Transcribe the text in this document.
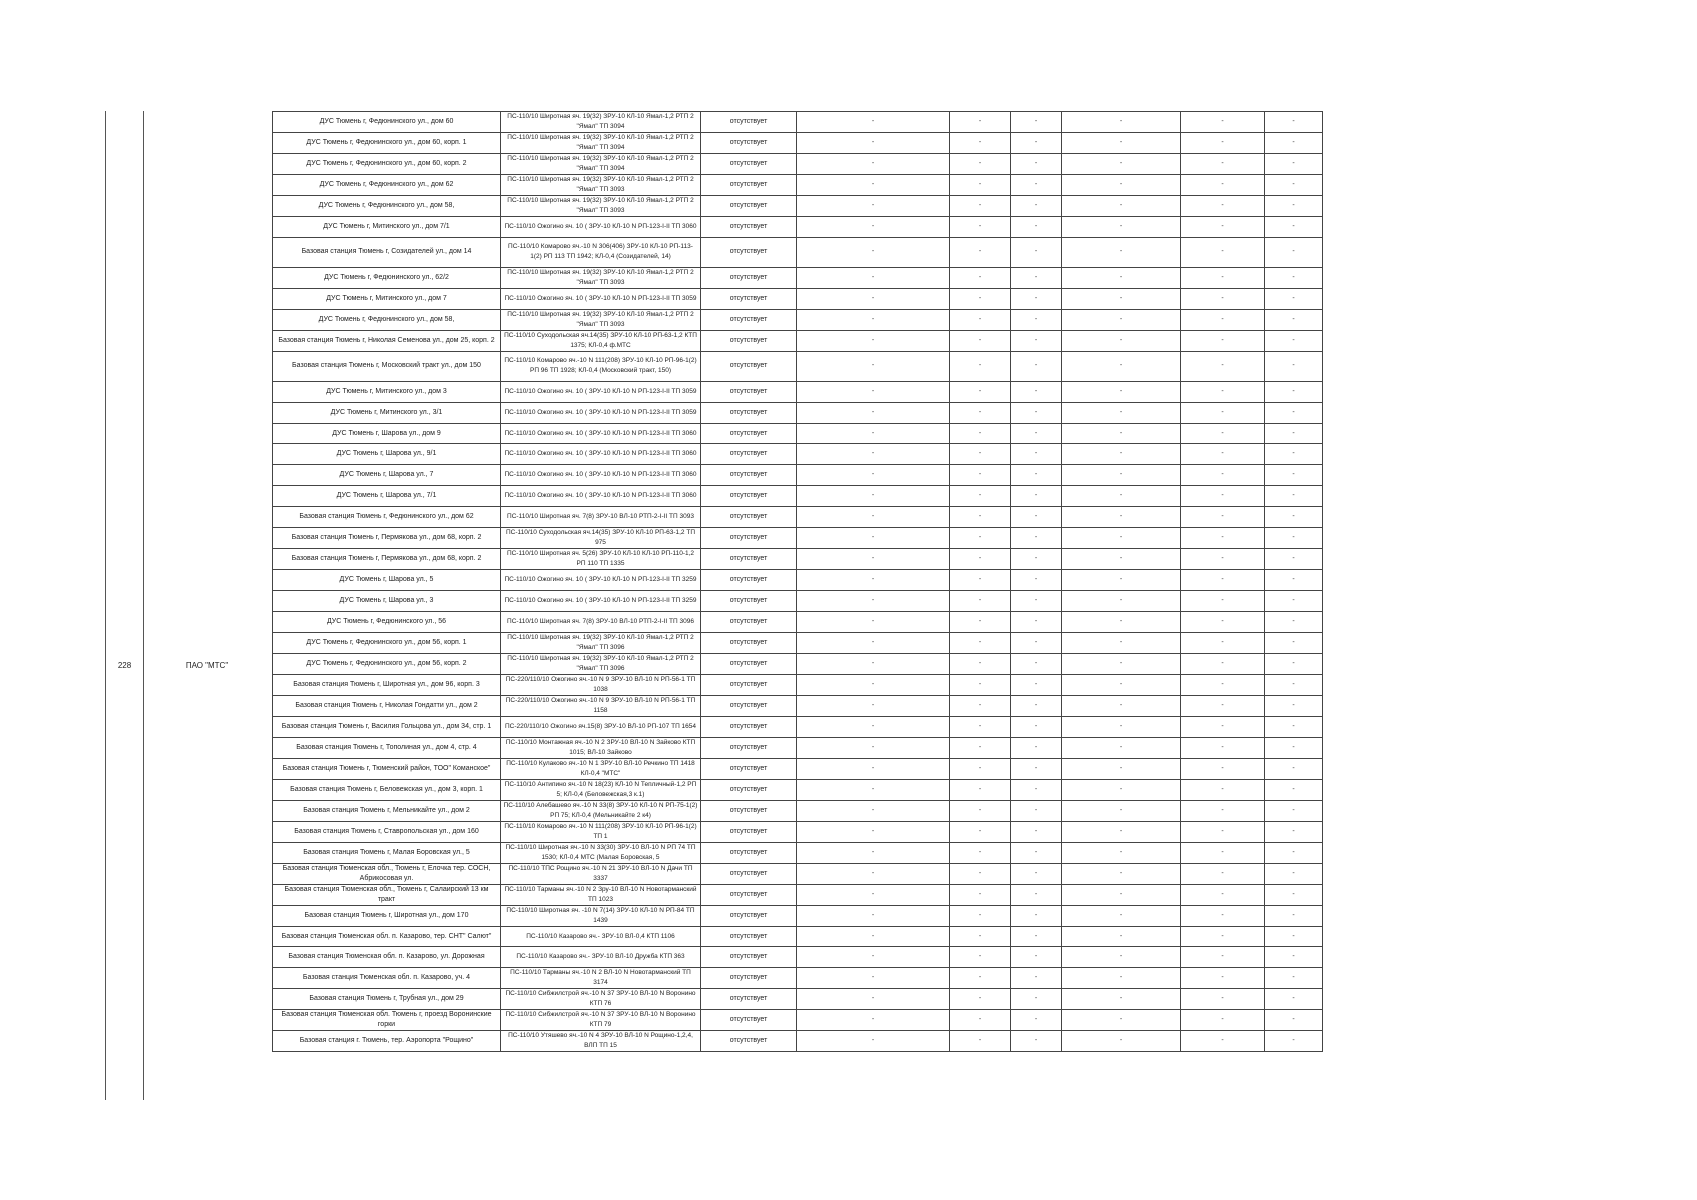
228	ПАО "МТС"
ДУС Тюмень г, Федюнинского ул., дом 60	ПС-110/10 Широтная яч. 19(32) ЗРУ-10 КЛ-10 Ямал-1,2 РТП 2 "Ямал" ТП 3094	отсутствует	-	-	-	-	-	-
ДУС Тюмень г, Федюнинского ул., дом 60, корп. 1	ПС-110/10 Широтная яч. 19(32) ЗРУ-10 КЛ-10 Ямал-1,2 РТП 2 "Ямал" ТП 3094	отсутствует	-	-	-	-	-	-
ДУС Тюмень г, Федюнинского ул., дом 60, корп. 2	ПС-110/10 Широтная яч. 19(32) ЗРУ-10 КЛ-10 Ямал-1,2 РТП 2 "Ямал" ТП 3094	отсутствует	-	-	-	-	-	-
ДУС Тюмень г, Федюнинского ул., дом 62	ПС-110/10 Широтная яч. 19(32) ЗРУ-10 КЛ-10 Ямал-1,2 РТП 2 "Ямал" ТП 3093	отсутствует	-	-	-	-	-	-
ДУС Тюмень г, Федюнинского ул., дом 58,	ПС-110/10 Широтная яч. 19(32) ЗРУ-10 КЛ-10 Ямал-1,2 РТП 2 "Ямал" ТП 3093	отсутствует	-	-	-	-	-	-
ДУС Тюмень г, Митинского ул., дом 7/1	ПС-110/10 Ожогино яч. 10 ( ЗРУ-10 КЛ-10 N РП-123-I-II ТП 3060	отсутствует	-	-	-	-	-	-
Базовая станция Тюмень г, Созидателей ул., дом 14	ПС-110/10 Комарово яч.-10 N 306(406) ЗРУ-10 КЛ-10 РП-113-1(2) РП 113 ТП 1942; КЛ-0,4 (Созидателей, 14)	отсутствует	-	-	-	-	-	-
ДУС Тюмень г, Федюнинского ул., 62/2	ПС-110/10 Широтная яч. 19(32) ЗРУ-10 КЛ-10 Ямал-1,2 РТП 2 "Ямал" ТП 3093	отсутствует	-	-	-	-	-	-
ДУС Тюмень г, Митинского ул., дом 7	ПС-110/10 Ожогино яч. 10 ( ЗРУ-10 КЛ-10 N РП-123-I-II ТП 3059	отсутствует	-	-	-	-	-	-
ДУС Тюмень г, Федюнинского ул., дом 58,	ПС-110/10 Широтная яч. 19(32) ЗРУ-10 КЛ-10 Ямал-1,2 РТП 2 "Ямал" ТП 3093	отсутствует	-	-	-	-	-	-
Базовая станция Тюмень г, Николая Семенова ул., дом 25, корп. 2	ПС-110/10 Суходольская яч.14(35) ЗРУ-10 КЛ-10 РП-63-1,2 КТП 1375; КЛ-0,4 ф.МТС	отсутствует	-	-	-	-	-	-
Базовая станция Тюмень г, Московский тракт ул., дом 150	ПС-110/10 Комарово яч.-10 N 111(208) ЗРУ-10 КЛ-10 РП-96-1(2) РП 96 ТП 1928; КЛ-0,4 (Московский тракт, 150)	отсутствует	-	-	-	-	-	-
ДУС Тюмень г, Митинского ул., дом 3	ПС-110/10 Ожогино яч. 10 ( ЗРУ-10 КЛ-10 N РП-123-I-II ТП 3059	отсутствует	-	-	-	-	-	-
ДУС Тюмень г, Митинского ул., 3/1	ПС-110/10 Ожогино яч. 10 ( ЗРУ-10 КЛ-10 N РП-123-I-II ТП 3059	отсутствует	-	-	-	-	-	-
ДУС Тюмень г, Шарова ул., дом 9	ПС-110/10 Ожогино яч. 10 ( ЗРУ-10 КЛ-10 N РП-123-I-II ТП 3060	отсутствует	-	-	-	-	-	-
ДУС Тюмень г, Шарова ул., 9/1	ПС-110/10 Ожогино яч. 10 ( ЗРУ-10 КЛ-10 N РП-123-I-II ТП 3060	отсутствует	-	-	-	-	-	-
ДУС Тюмень г, Шарова ул., 7	ПС-110/10 Ожогино яч. 10 ( ЗРУ-10 КЛ-10 N РП-123-I-II ТП 3060	отсутствует	-	-	-	-	-	-
ДУС Тюмень г, Шарова ул., 7/1	ПС-110/10 Ожогино яч. 10 ( ЗРУ-10 КЛ-10 N РП-123-I-II ТП 3060	отсутствует	-	-	-	-	-	-
Базовая станция Тюмень г, Федюнинского ул., дом 62	ПС-110/10 Широтная яч. 7(8) ЗРУ-10 ВЛ-10 РТП-2-I-II ТП 3093	отсутствует	-	-	-	-	-	-
Базовая станция Тюмень г, Пермякова ул., дом 68, корп. 2	ПС-110/10 Суходольская яч.14(35) ЗРУ-10 КЛ-10 РП-63-1,2 ТП 975	отсутствует	-	-	-	-	-	-
Базовая станция Тюмень г, Пермякова ул., дом 68, корп. 2	ПС-110/10 Широтная яч. 5(26) ЗРУ-10 КЛ-10 КЛ-10 РП-110-1,2 РП 110 ТП 1335	отсутствует	-	-	-	-	-	-
ДУС Тюмень г, Шарова ул., 5	ПС-110/10 Ожогино яч. 10 ( ЗРУ-10 КЛ-10 N РП-123-I-II ТП 3259	отсутствует	-	-	-	-	-	-
ДУС Тюмень г, Шарова ул., 3	ПС-110/10 Ожогино яч. 10 ( ЗРУ-10 КЛ-10 N РП-123-I-II ТП 3259	отсутствует	-	-	-	-	-	-
ДУС Тюмень г, Федюнинского ул., 56	ПС-110/10 Широтная яч. 7(8) ЗРУ-10 ВЛ-10 РТП-2-I-II ТП 3096	отсутствует	-	-	-	-	-	-
ДУС Тюмень г, Федюнинского ул., дом 56, корп. 1	ПС-110/10 Широтная яч. 19(32) ЗРУ-10 КЛ-10 Ямал-1,2 РТП 2 "Ямал" ТП 3096	отсутствует	-	-	-	-	-	-
ДУС Тюмень г, Федюнинского ул., дом 56, корп. 2	ПС-110/10 Широтная яч. 19(32) ЗРУ-10 КЛ-10 Ямал-1,2 РТП 2 "Ямал" ТП 3096	отсутствует	-	-	-	-	-	-
Базовая станция Тюмень г, Широтная ул., дом 96, корп. 3	ПС-220/110/10 Ожогино яч.-10 N 9 ЗРУ-10 ВЛ-10 N РП-56-1 ТП 1038	отсутствует	-	-	-	-	-	-
Базовая станция Тюмень г, Николая Гондатти ул., дом 2	ПС-220/110/10 Ожогино яч.-10 N 9 ЗРУ-10 ВЛ-10 N РП-56-1 ТП 1158	отсутствует	-	-	-	-	-	-
Базовая станция Тюмень г, Василия Гольцова ул., дом 34, стр. 1	ПС-220/110/10 Ожогино яч.15(8) ЗРУ-10 ВЛ-10 РП-107 ТП 1654	отсутствует	-	-	-	-	-	-
Базовая станция Тюмень г, Тополиная ул., дом 4, стр. 4	ПС-110/10 Монтажная яч.-10 N 2 ЗРУ-10 ВЛ-10 N Зайково КТП 1015; ВЛ-10 Зайково	отсутствует	-	-	-	-	-	-
Базовая станция Тюмень г, Тюменский район, ТОО" Команское"	ПС-110/10 Кулаково яч.-10 N 1 ЗРУ-10 ВЛ-10 Речкино ТП 1418 КЛ-0,4 "МТС"	отсутствует	-	-	-	-	-	-
Базовая станция Тюмень г, Беловежская ул., дом 3, корп. 1	ПС-110/10 Антипино яч.-10 N 18(23) КЛ-10 N Тепличный-1,2 РП 5; КЛ-0,4 (Беловежская,3 к.1)	отсутствует	-	-	-	-	-	-
Базовая станция Тюмень г, Мельникайте ул., дом 2	ПС-110/10 Алебашево яч.-10 N 33(8) ЗРУ-10 КЛ-10 N РП-75-1(2) РП 75; КЛ-0,4 (Мельникайте 2 к4)	отсутствует	-	-	-	-	-	-
Базовая станция Тюмень г, Ставропольская ул., дом 160	ПС-110/10 Комарово яч.-10 N 111(208) ЗРУ-10 КЛ-10 РП-96-1(2) ТП 1	отсутствует	-	-	-	-	-	-
Базовая станция Тюмень г, Малая Боровская ул., 5	ПС-110/10 Широтная яч.-10 N 33(30) ЗРУ-10 ВЛ-10 N РП 74 ТП 1530; КЛ-0,4 МТС (Малая Боровская, 5	отсутствует	-	-	-	-	-	-
Базовая станция Тюменская обл., Тюмень г, Елочка тер. СОСН, Абрикосовая ул.	ПС-110/10 ТПС Рощино яч.-10 N 21 ЗРУ-10 ВЛ-10 N Дачи ТП 3337	отсутствует	-	-	-	-	-	-
Базовая станция Тюменская обл., Тюмень г, Салаирский 13 км тракт	ПС-110/10 Тарманы яч.-10 N 2 Зру-10 ВЛ-10 N Новотарманский ТП 1023	отсутствует	-	-	-	-	-	-
Базовая станция Тюмень г, Широтная ул., дом 170	ПС-110/10 Широтная яч. -10 N 7(14) ЗРУ-10 КЛ-10 N РП-84 ТП 1439	отсутствует	-	-	-	-	-	-
Базовая станция Тюменская обл. п. Казарово, тер. СНТ" Салют"	ПС-110/10 Казарово яч.- ЗРУ-10 ВЛ-0,4 КТП 1106	отсутствует	-	-	-	-	-	-
Базовая станция Тюменская обл. п. Казарово, ул. Дорожная	ПС-110/10 Казарово яч.- ЗРУ-10 ВЛ-10 Дружба КТП 363	отсутствует	-	-	-	-	-	-
Базовая станция Тюменская обл. п. Казарово, уч. 4	ПС-110/10 Тарманы яч.-10 N 2 ВЛ-10 N Новотарманский ТП 3174	отсутствует	-	-	-	-	-	-
Базовая станция Тюмень г, Трубная ул., дом 29	ПС-110/10 Сибжилстрой яч.-10 N 37 ЗРУ-10 ВЛ-10 N Воронино КТП 76	отсутствует	-	-	-	-	-	-
Базовая станция Тюменская обл. Тюмень г, проезд Воронинские горки	ПС-110/10 Сибжилстрой яч.-10 N 37 ЗРУ-10 ВЛ-10 N Воронино КТП 79	отсутствует	-	-	-	-	-	-
Базовая станция г. Тюмень, тер. Аэропорта "Рощино"	ПС-110/10 Утяшево яч.-10 N 4 ЗРУ-10 ВЛ-10 N Рощино-1,2,4, ВЛП ТП 15	отсутствует	-	-	-	-	-	-
